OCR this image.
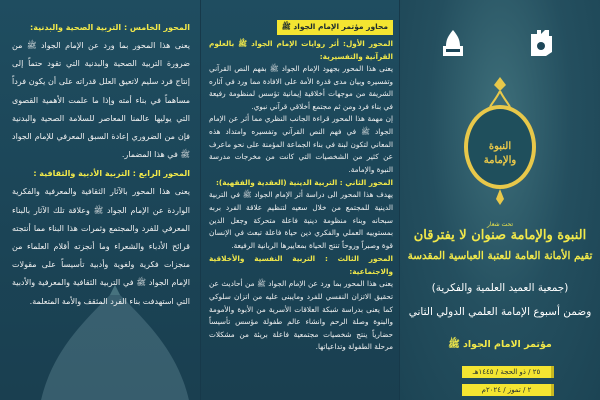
المحور الخامس : التربية الصحية والبدنية:
يعنى هذا المحور بما ورد عن الإمام الجواد ﷺ من ضرورة التربية الصحية والبدنية التي تقود حتماً إلى إنتاج فرد سليم لاتعيق العلل قدراته على أن يكون فرداً مساهماً في بناء أمته وإذا ما علمت الأهمية القصوى التي يوليها عالمنا المعاصر للسلامة الصحية والبدنية فإن من الضروري إعادة السبق المعرفي للإمام الجواد ﷺ في هذا المضمار.
المحور الرابع : التربية الأدبية والثقافية :
يعنى هذا المحور بالآثار الثقافية والمعرفية والفكرية الواردة عن الإمام الجواد ﷺ وعلاقة تلك الآثار بالبناء المعرفي للفرد والمجتمع وثمرات هذا البناء مما أنتجته قرائح الأدباء والشعراء وما أنجزته أقلام العلماء من منجزات فكرية ولغوية وأدبية تأسيساً على مقولات الإمام الجواد ﷺ في التربية الثقافية والمعرفية والأدبية التي استهدفت بناء الفرد المثقف والأمة المتعلمة.
محاور مؤتمر الإمام الجواد ﷺ
المحور الأول: أثر روايات الإمام الجواد ﷺ بالعلوم القرآنية والتفسيرية:
يعنى هذا المحور بجهود الإمام الجواد ﷺ بفهم النص القرآني وتفسيره وبيان مدى قدرة الأمة على الافادة مما ورد في آثاره الشريفة من موجهات أخلاقية إيمانية تؤسس لمنظومة رفيعة في بناء فرد ومن ثم مجتمع أخلاقي قرآني نبوي.
إن مهمة هذا المحور قراءة الجانب النظري مما أثر عن الإمام الجواد ﷺ في فهم النص القرآني وتفسيره وامتداد هذه المعاني لتكون لبنة في بناء الجماعة المؤمنة على نحو ماعرف عن كثير من الشخصيات التي كانت من مخرجات مدرسة النبوة والإمامة.
المحور الثاني : التربية الدينية (العقدية والفقهية):
يهدف هذا المحور الى دراسة أثر الإمام الجواد ﷺ في التربية الدينية للمجتمع من خلال سعيه لتنظيم علاقة الفرد بربه سبحانه وبناء منظومة دينية فاعلة متحركة وجعل الدين بمستوييه العملي والفكري دين حياة فاعلة تبعث في الإنسان قوة وصبراً وروحاً تنتج الحياة بمعاييرها الربانية الرفيعة.
المحور الثالث : التربية النفسية والأخلاقية والاجتماعية:
يعنى هذا المحور بما ورد عن الإمام الجواد ﷺ من أحاديث عن تحقيق الاتزان النفسي للفرد ومايبنى عليه من اتزان سلوكي كما يعنى بدراسة شبكة العلاقات الأسرية من الأبوة والأمومة والبنوة وصلة الرحم وانشاء عالم طفولة مؤسس تأسيساً حضارياً ينتج شخصيات مجتمعية فاعلة بريئة من مشكلات مرحلة الطفولة وتداعياتها.
النبوة والإمامة
تحت شعار
النبوة والإمامة صنوان لا يفترقان
تقيم الأمانة العامة للعتبة العباسية المقدسة
(جمعية العميد العلمية والفكرية)
وضمن أسبوع الإمامة العلمي الدولي الثاني
مؤتمر الامام الجواد ﷺ
٢٥ / ذو الحجة / ١٤٤٥هـ
٢ / تموز / ٢٠٢٤م
